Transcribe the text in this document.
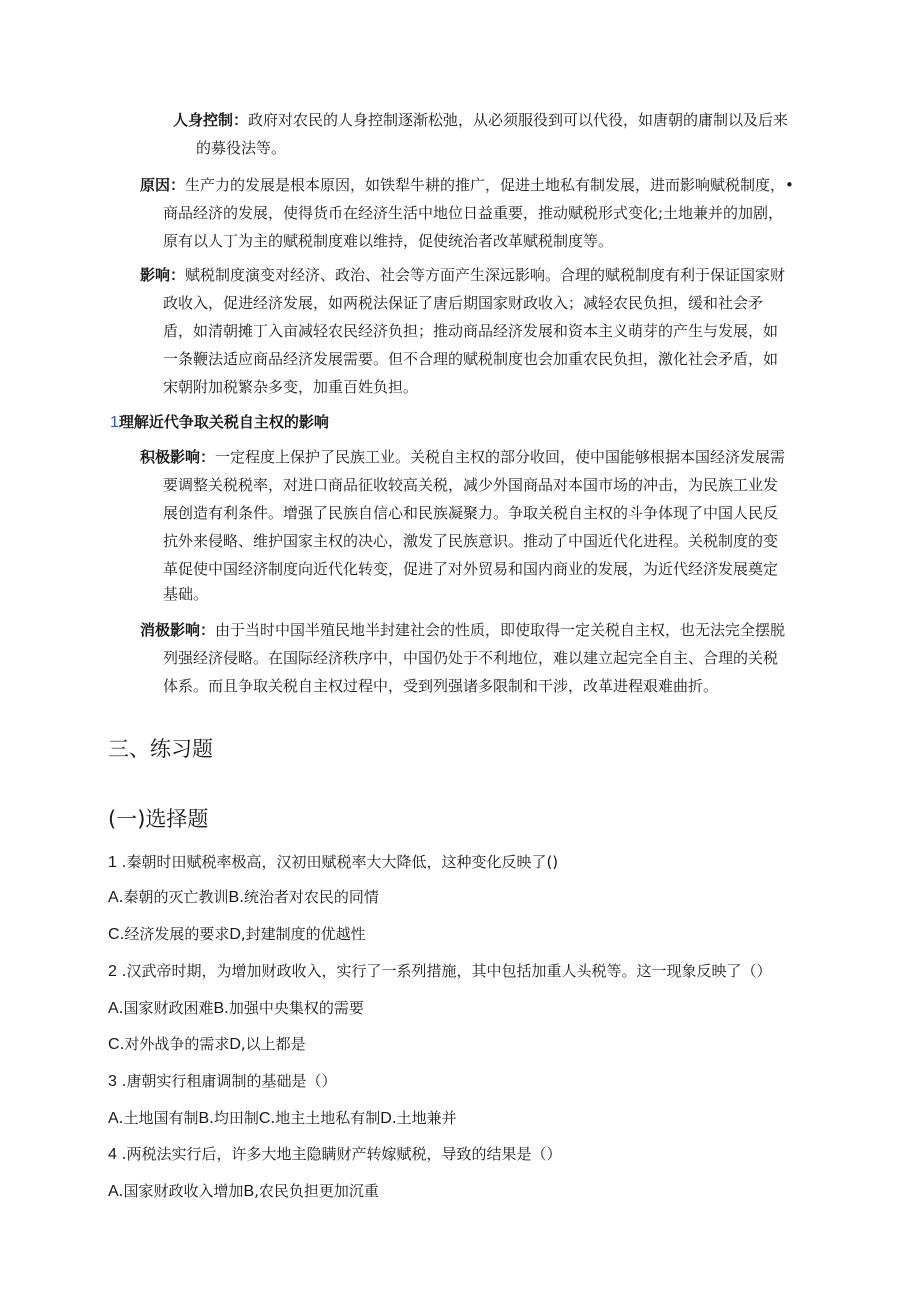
人身控制：政府对农民的人身控制逐渐松弛，从必须服役到可以代役，如唐朝的庸制以及后来
的募役法等。
原因：生产力的发展是根本原因，如铁犁牛耕的推广，促进土地私有制发展，进而影响赋税制度，•
商品经济的发展，使得货币在经济生活中地位日益重要，推动赋税形式变化;土地兼并的加剧，
原有以人丁为主的赋税制度难以维持，促使统治者改革赋税制度等。
影响：赋税制度演变对经济、政治、社会等方面产生深远影响。合理的赋税制度有利于保证国家财
政收入，促进经济发展，如两税法保证了唐后期国家财政收入；减轻农民负担，缓和社会矛
盾，如清朝摊丁入亩减轻农民经济负担；推动商品经济发展和资本主义萌芽的产生与发展，如
一条鞭法适应商品经济发展需要。但不合理的赋税制度也会加重农民负担，激化社会矛盾，如
宋朝附加税繁杂多变，加重百姓负担。
1理解近代争取关税自主权的影响
积极影响：一定程度上保护了民族工业。关税自主权的部分收回，使中国能够根据本国经济发展需
要调整关税税率，对进口商品征收较高关税，减少外国商品对本国市场的冲击，为民族工业发
展创造有利条件。增强了民族自信心和民族凝聚力。争取关税自主权的斗争体现了中国人民反
抗外来侵略、维护国家主权的决心，激发了民族意识。推动了中国近代化进程。关税制度的变
革促使中国经济制度向近代化转变，促进了对外贸易和国内商业的发展，为近代经济发展奠定
基础。
消极影响：由于当时中国半殖民地半封建社会的性质，即使取得一定关税自主权，也无法完全摆脱
列强经济侵略。在国际经济秩序中，中国仍处于不利地位，难以建立起完全自主、合理的关税
体系。而且争取关税自主权过程中，受到列强诸多限制和干涉，改革进程艰难曲折。
三、练习题
(一)选择题
1 .秦朝时田赋税率极高，汉初田赋税率大大降低，这种变化反映了()
A.秦朝的灭亡教训B.统治者对农民的同情
C.经济发展的要求D,封建制度的优越性
2 .汉武帝时期，为增加财政收入，实行了一系列措施，其中包括加重人头税等。这一现象反映了（）
A.国家财政困难B.加强中央集权的需要
C.对外战争的需求D,以上都是
3 .唐朝实行租庸调制的基础是（）
A.土地国有制B.均田制C.地主土地私有制D.土地兼并
4 .两税法实行后，许多大地主隐瞒财产转嫁赋税，导致的结果是（）
A.国家财政收入增加B,农民负担更加沉重
